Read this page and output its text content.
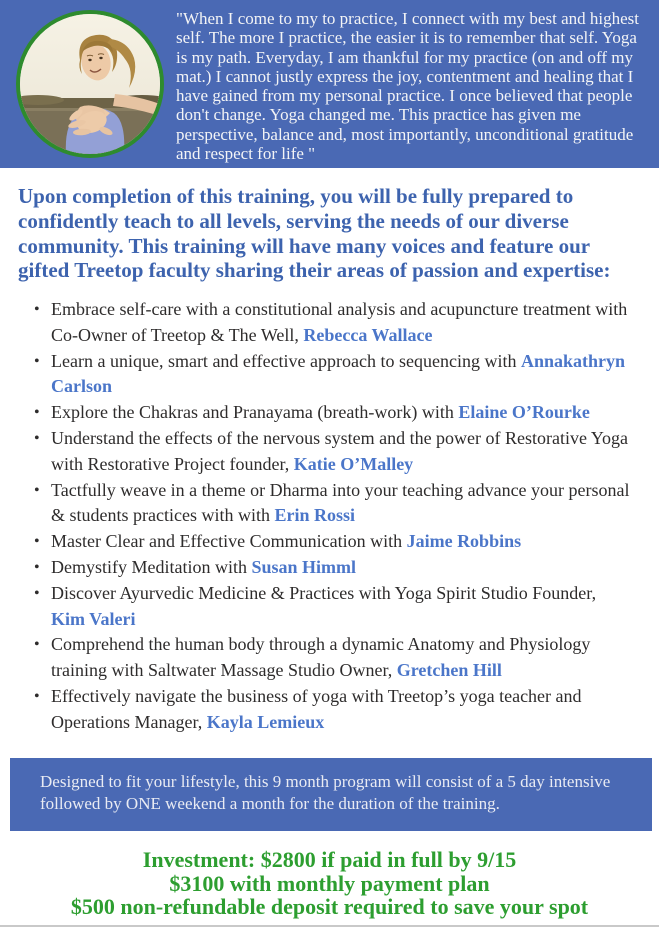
"When I come to my to practice, I connect with my best and highest self. The more I practice, the easier it is to remember that self. Yoga is my path. Everyday, I am thankful for my practice (on and off my mat.) I cannot justly express the joy, contentment and healing that I have gained from my personal practice. I once believed that people don't change. Yoga changed me. This practice has given me perspective, balance and, most importantly, unconditional gratitude and respect for life "
Upon completion of this training, you will be fully prepared to confidently teach to all levels, serving the needs of our diverse community. This training will have many voices and feature our gifted Treetop faculty sharing their areas of passion and expertise:
• Embrace self-care with a constitutional analysis and acupuncture treatment with Co-Owner of Treetop & The Well, Rebecca Wallace
• Learn a unique, smart and effective approach to sequencing with Annakathryn Carlson
• Explore the Chakras and Pranayama (breath-work) with Elaine O’Rourke
• Understand the effects of the nervous system and the power of Restorative Yoga with Restorative Project founder, Katie O’Malley
• Tactfully weave in a theme or Dharma into your teaching advance your personal & students practices with with Erin Rossi
• Master Clear and Effective Communication with Jaime Robbins
• Demystify Meditation with Susan Himml
• Discover Ayurvedic Medicine & Practices with Yoga Spirit Studio Founder, Kim Valeri
• Comprehend the human body through a dynamic Anatomy and Physiology training with Saltwater Massage Studio Owner, Gretchen Hill
• Effectively navigate the business of yoga with Treetop’s yoga teacher and Operations Manager, Kayla Lemieux
Designed to fit your lifestyle, this 9 month program will consist of a 5 day intensive followed by ONE weekend a month for the duration of the training.
Investment: $2800 if paid in full by 9/15
$3100 with monthly payment plan
$500 non-refundable deposit required to save your spot
